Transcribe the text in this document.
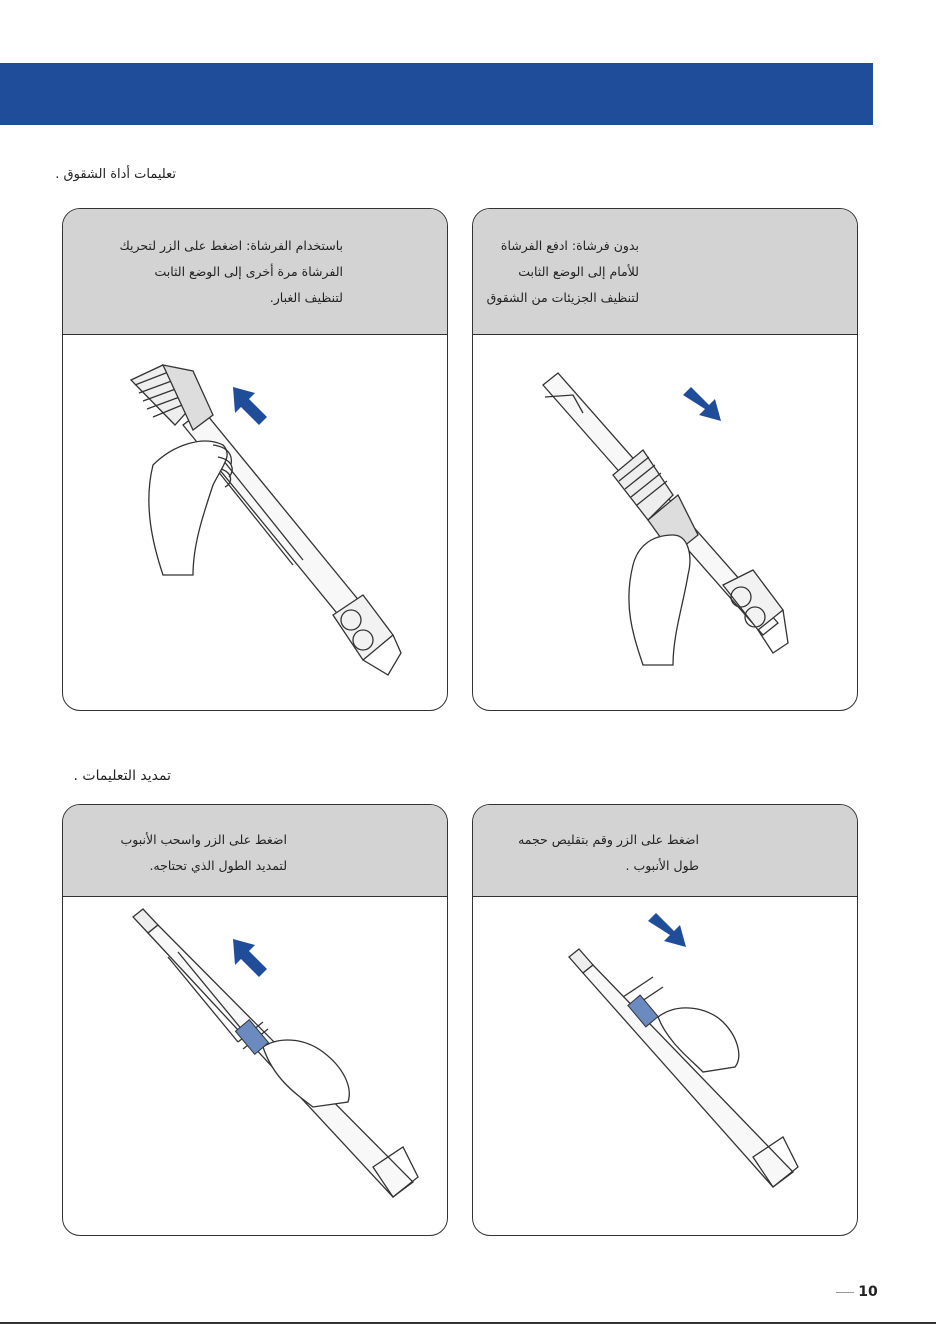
تعليمات أداة الشقوق .

باستخدام الفرشاة: اضغط على الزر لتحريك

الفرشاة مرة أخرى إلى الوضع الثابت

لتنظيف الغبار.

بدون فرشاة: ادفع الفرشاة

للأمام إلى الوضع الثابت

لتنظيف الجزيئات من الشقوق

تمديد التعليمات .

اضغط على الزر واسحب الأنبوب

لتمديد الطول الذي تحتاجه.

اضغط على الزر وقم بتقليص حجمه

طول الأنبوب .

10
